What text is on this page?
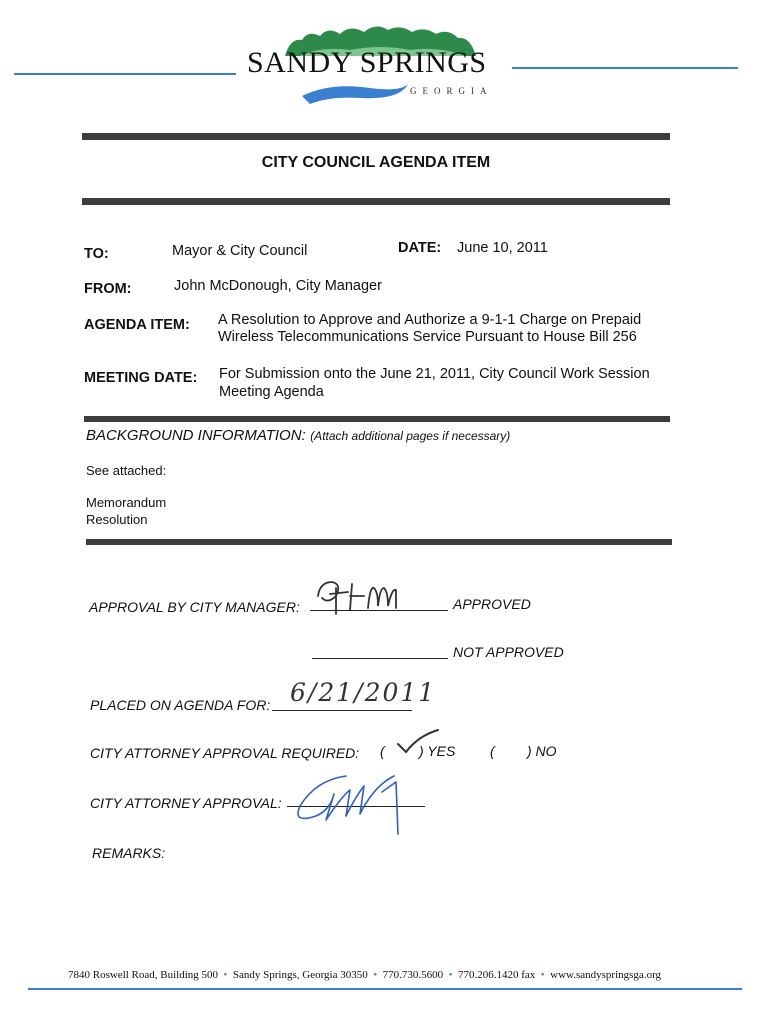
SANDY SPRINGS
GEORGIA
CITY COUNCIL AGENDA ITEM
TO:	Mayor & City Council	DATE: June 10, 2011
FROM:	John McDonough, City Manager
AGENDA ITEM: A Resolution to Approve and Authorize a 9-1-1 Charge on Prepaid
Wireless Telecommunications Service Pursuant to House Bill 256
MEETING DATE: For Submission onto the June 21, 2011, City Council Work Session
Meeting Agenda
BACKGROUND INFORMATION: (Attach additional pages if necessary)
See attached:
Memorandum
Resolution
APPROVAL BY CITY MANAGER:	APPROVED
NOT APPROVED
PLACED ON AGENDA FOR: 6/21/2011
CITY ATTORNEY APPROVAL REQUIRED: ( ) YES ( ) NO
CITY ATTORNEY APPROVAL:
REMARKS:
7840 Roswell Road, Building 500  •  Sandy Springs, Georgia 30350  •  770.730.5600  •  770.206.1420 fax  •  www.sandyspringsga.org
